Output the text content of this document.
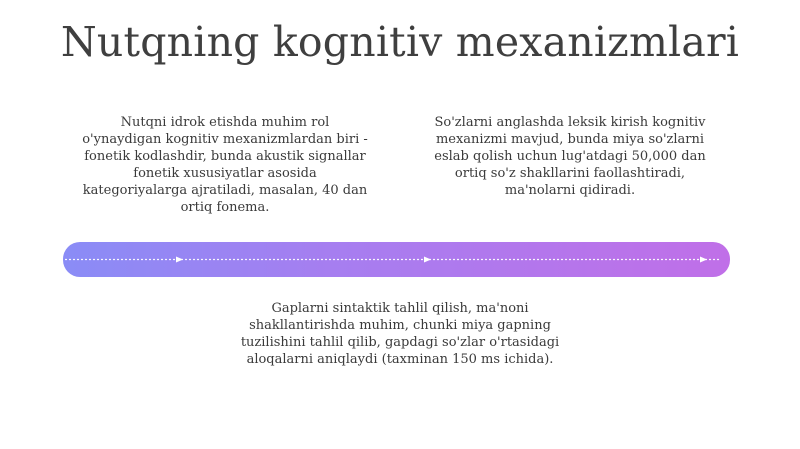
Nutqning kognitiv mexanizmlari
Nutqni idrok etishda muhim rol o'ynaydigan kognitiv mexanizmlardan biri - fonetik kodlashdir, bunda akustik signallar fonetik xususiyatlar asosida kategoriyalarga ajratiladi, masalan, 40 dan ortiq fonema.
So'zlarni anglashda leksik kirish kognitiv mexanizmi mavjud, bunda miya so'zlarni eslab qolish uchun lug'atdagi 50,000 dan ortiq so'z shakllarini faollashtiradi, ma'nolarni qidiradi.
Gaplarni sintaktik tahlil qilish, ma'noni shakllantirishda muhim, chunki miya gapning tuzilishini tahlil qilib, gapdagi so'zlar o'rtasidagi aloqalarni aniqlaydi (taxminan 150 ms ichida).
